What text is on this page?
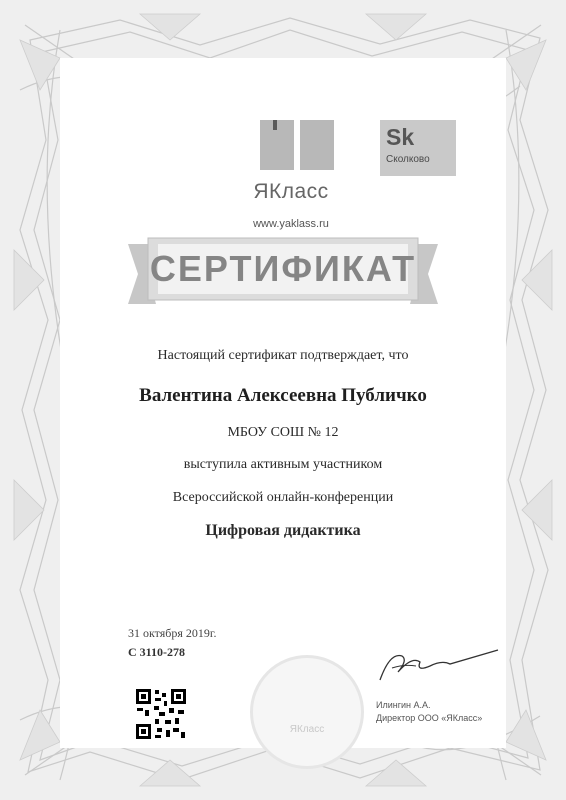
ЯКласс
www.yaklass.ru
Sk
Сколково
СЕРТИФИКАТ
Настоящий сертификат подтверждает, что
Валентина Алексеевна Публичко
МБОУ СОШ № 12
выступила активным участником
Всероссийской онлайн-конференции
Цифровая дидактика
31 октября 2019г.
С 3110-278
ЯКласс
Илингин А.А.
Директор ООО «ЯКласс»
